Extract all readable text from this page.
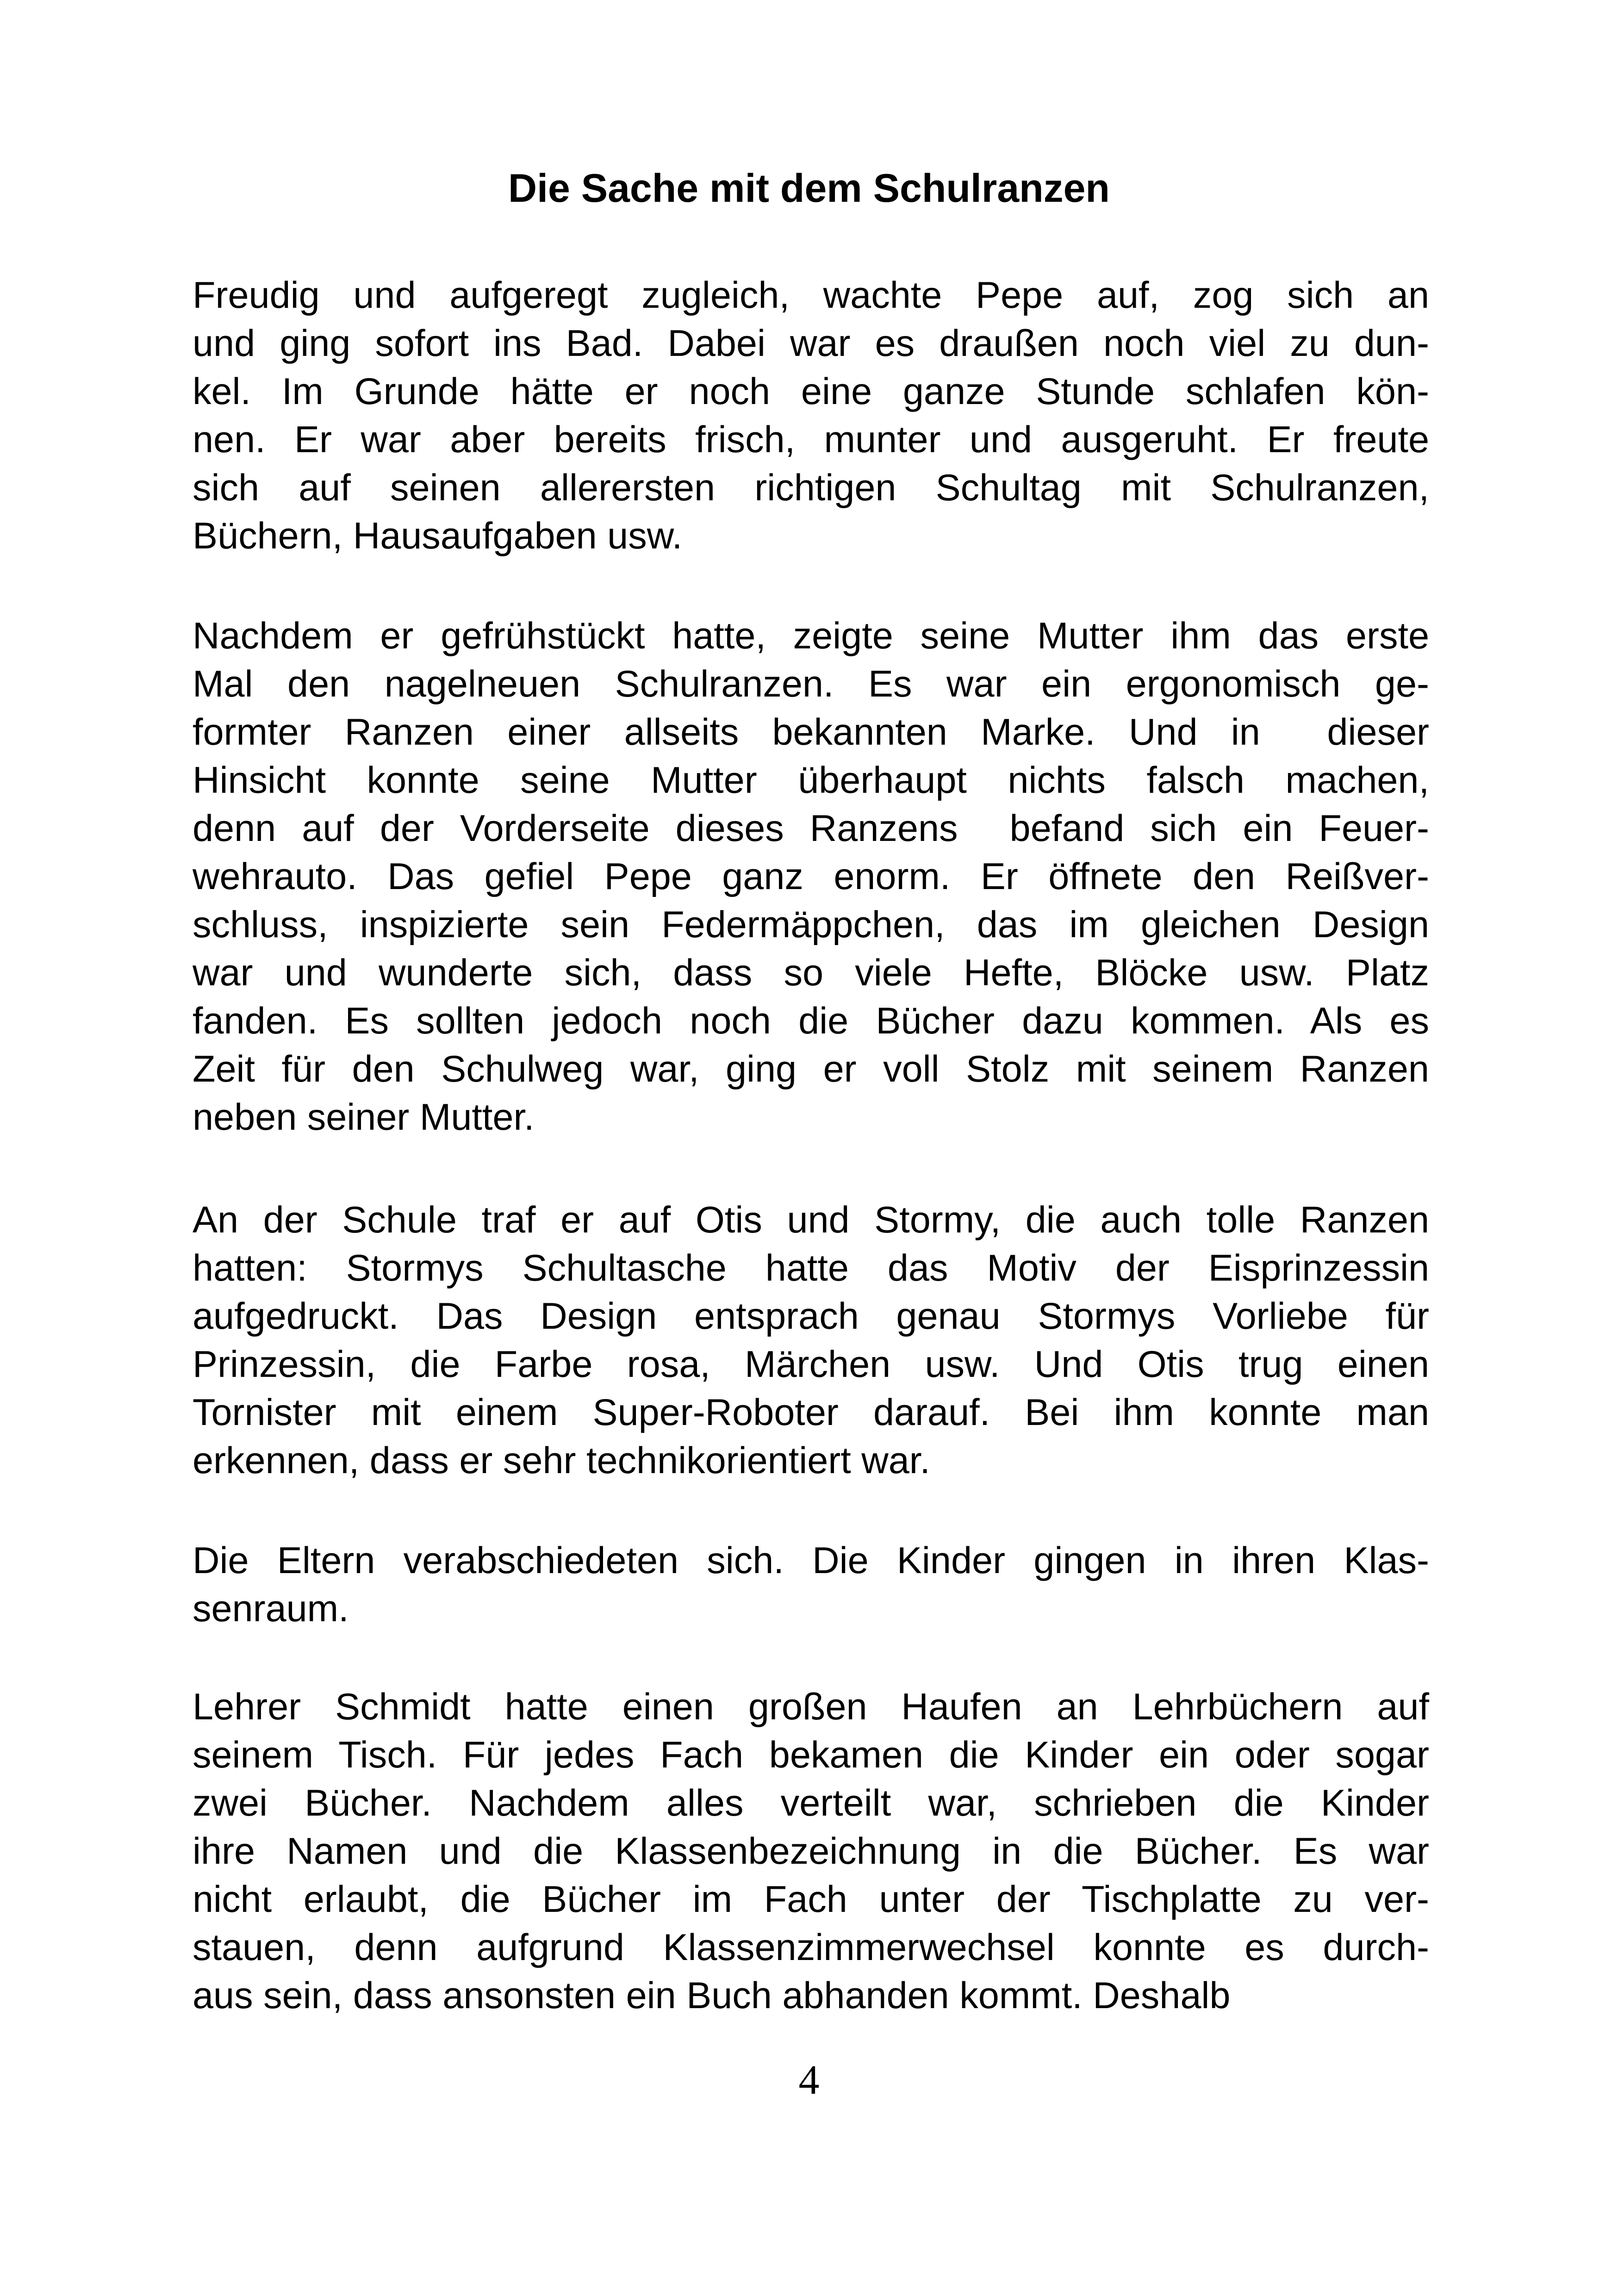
Die Sache mit dem Schulranzen
Freudig und aufgeregt zugleich, wachte Pepe auf, zog sich an
und ging sofort ins Bad. Dabei war es draußen noch viel zu dun-
kel. Im Grunde hätte er noch eine ganze Stunde schlafen kön-
nen. Er war aber bereits frisch, munter und ausgeruht. Er freute
sich auf seinen allerersten richtigen Schultag mit Schulranzen,
Büchern, Hausaufgaben usw.
Nachdem er gefrühstückt hatte, zeigte seine Mutter ihm das erste
Mal den nagelneuen Schulranzen. Es war ein ergonomisch ge-
formter Ranzen einer allseits bekannten Marke. Und in  dieser
Hinsicht konnte seine Mutter überhaupt nichts falsch machen,
denn auf der Vorderseite dieses Ranzens  befand sich ein Feuer-
wehrauto. Das gefiel Pepe ganz enorm. Er öffnete den Reißver-
schluss, inspizierte sein Federmäppchen, das im gleichen Design
war und wunderte sich, dass so viele Hefte, Blöcke usw. Platz
fanden. Es sollten jedoch noch die Bücher dazu kommen. Als es
Zeit für den Schulweg war, ging er voll Stolz mit seinem Ranzen
neben seiner Mutter.
An der Schule traf er auf Otis und Stormy, die auch tolle Ranzen
hatten: Stormys Schultasche hatte das Motiv der Eisprinzessin
aufgedruckt. Das Design entsprach genau Stormys Vorliebe für
Prinzessin, die Farbe rosa, Märchen usw. Und Otis trug einen
Tornister mit einem Super-Roboter darauf. Bei ihm konnte man
erkennen, dass er sehr technikorientiert war.
Die Eltern verabschiedeten sich. Die Kinder gingen in ihren Klas-
senraum.
Lehrer Schmidt hatte einen großen Haufen an Lehrbüchern auf
seinem Tisch. Für jedes Fach bekamen die Kinder ein oder sogar
zwei Bücher. Nachdem alles verteilt war, schrieben die Kinder
ihre Namen und die Klassenbezeichnung in die Bücher. Es war
nicht erlaubt, die Bücher im Fach unter der Tischplatte zu ver-
stauen, denn aufgrund Klassenzimmerwechsel konnte es durch-
aus sein, dass ansonsten ein Buch abhanden kommt. Deshalb
4
